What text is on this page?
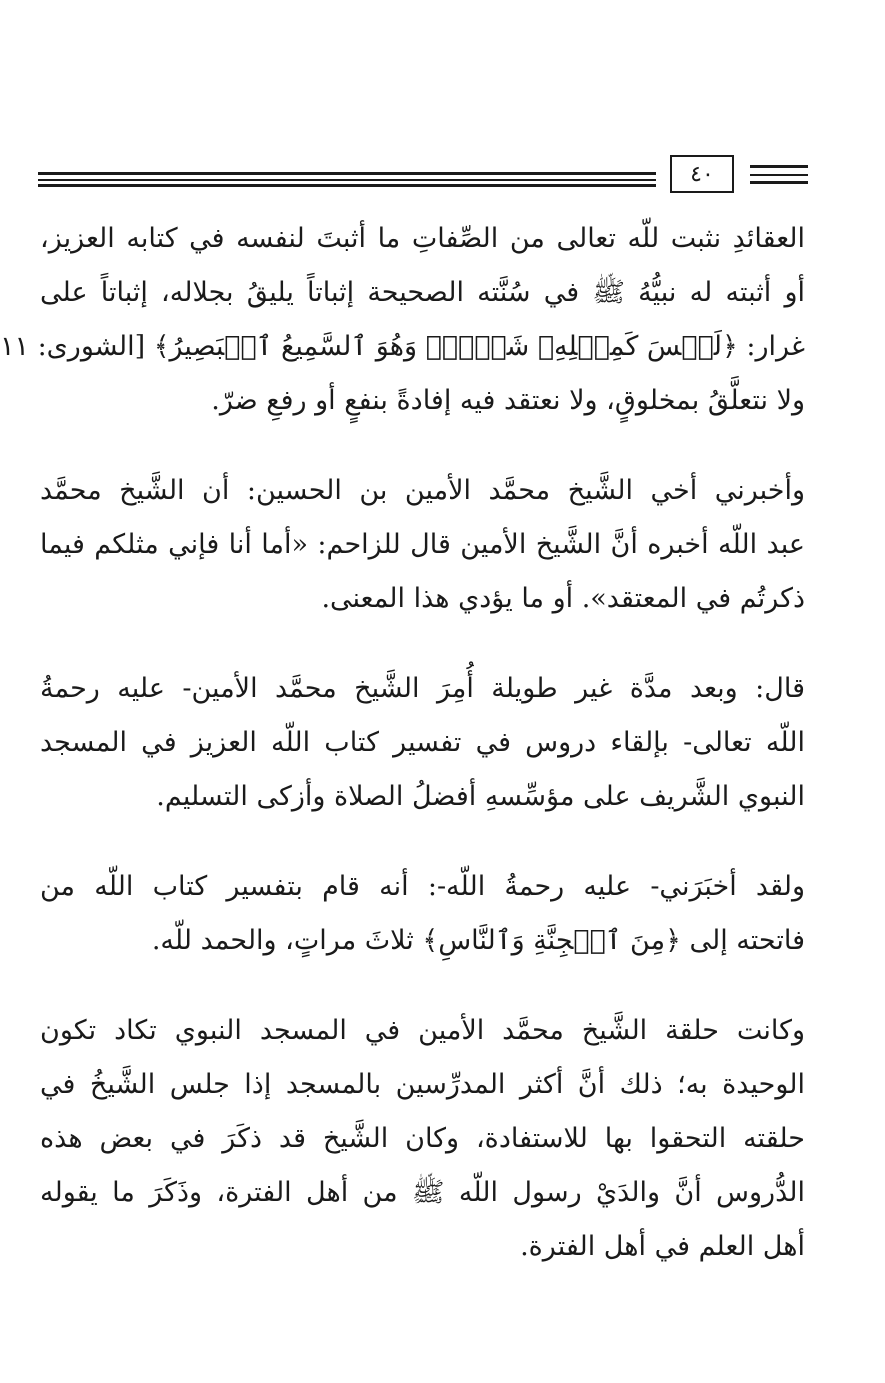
٤٠
العقائدِ نثبت للّه تعالى من الصِّفاتِ ما أثبتَ لنفسه في كتابه العزيز،
أو أثبته له نبيُّهُ ﷺ في سُنَّته الصحيحة إثباتاً يليقُ بجلاله، إثباتاً على
غرار: ﴿لَيۡسَ كَمِثۡلِهِۦ شَيۡءٞۖ وَهُوَ ٱلسَّمِيعُ ٱلۡبَصِيرُ﴾ [الشورى: ١١
ولا نتعلَّقُ بمخلوقٍ، ولا نعتقد فيه إفادةً بنفعٍ أو رفعِ ضرّ.
وأخبرني أخي الشَّيخ محمَّد الأمين بن الحسين: أن الشَّيخ محمَّد
عبد اللّه أخبره أنَّ الشَّيخ الأمين قال للزاحم: «أما أنا فإني مثلكم فيما
ذكرتُم في المعتقد». أو ما يؤدي هذا المعنى.
قال: وبعد مدَّة غير طويلة أُمِرَ الشَّيخ محمَّد الأمين- عليه رحمةُ
اللّه تعالى- بإلقاء دروس في تفسير كتاب اللّه العزيز في المسجد
النبوي الشَّريف على مؤسِّسهِ أفضلُ الصلاة وأزكى التسليم.
ولقد أخبَرَني- عليه رحمةُ اللّه-: أنه قام بتفسير كتاب اللّه من
فاتحته إلى ﴿مِنَ ٱلۡجِنَّةِ وَٱلنَّاسِ﴾ ثلاثَ مراتٍ، والحمد للّه.
وكانت حلقة الشَّيخ محمَّد الأمين في المسجد النبوي تكاد تكون
الوحيدة به؛ ذلك أنَّ أكثر المدرِّسين بالمسجد إذا جلس الشَّيخُ في
حلقته التحقوا بها للاستفادة، وكان الشَّيخ قد ذكَرَ في بعض هذه
الدُّروس أنَّ والدَيْ رسول اللّه ﷺ من أهل الفترة، وذَكَرَ ما يقوله
أهل العلم في أهل الفترة.
